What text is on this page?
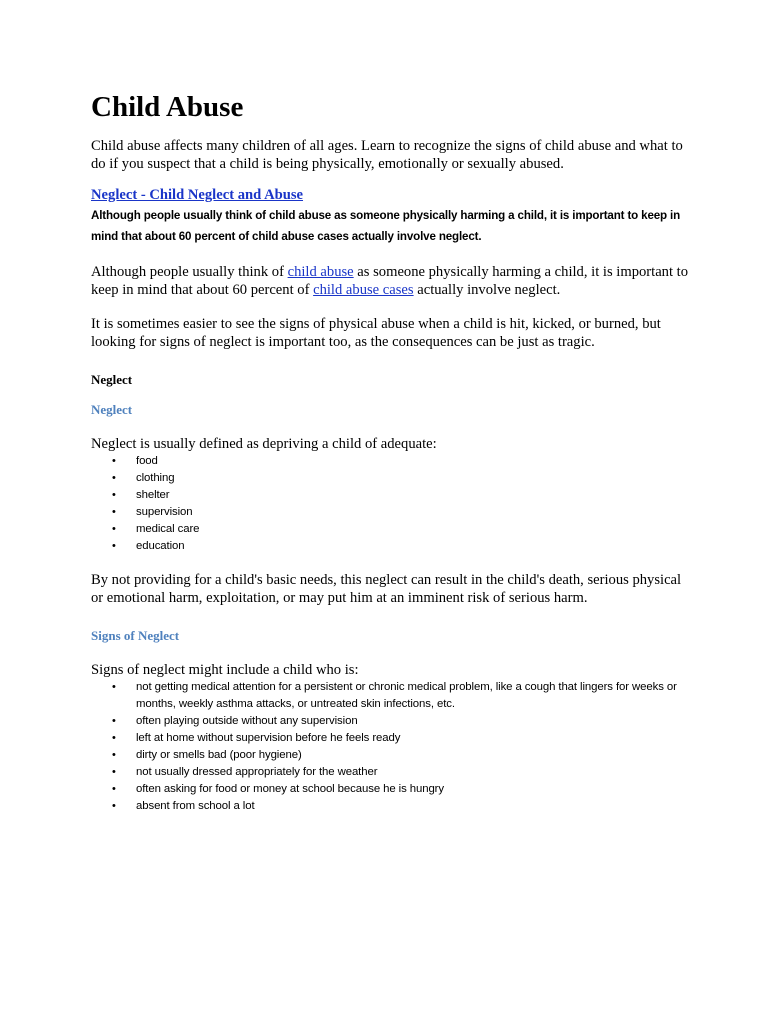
Child Abuse

Child abuse affects many children of all ages. Learn to recognize the signs of child abuse and what to do if you suspect that a child is being physically, emotionally or sexually abused.

Neglect - Child Neglect and Abuse

Although people usually think of child abuse as someone physically harming a child, it is important to keep in mind that about 60 percent of child abuse cases actually involve neglect.

Although people usually think of child abuse as someone physically harming a child, it is important to keep in mind that about 60 percent of child abuse cases actually involve neglect.

It is sometimes easier to see the signs of physical abuse when a child is hit, kicked, or burned, but looking for signs of neglect is important too, as the consequences can be just as tragic.

Neglect

Neglect

Neglect is usually defined as depriving a child of adequate:

• food
• clothing
• shelter
• supervision
• medical care
• education

By not providing for a child's basic needs, this neglect can result in the child's death, serious physical or emotional harm, exploitation, or may put him at an imminent risk of serious harm.

Signs of Neglect

Signs of neglect might include a child who is:

• not getting medical attention for a persistent or chronic medical problem, like a cough that lingers for weeks or months, weekly asthma attacks, or untreated skin infections, etc.
• often playing outside without any supervision
• left at home without supervision before he feels ready
• dirty or smells bad (poor hygiene)
• not usually dressed appropriately for the weather
• often asking for food or money at school because he is hungry
• absent from school a lot
